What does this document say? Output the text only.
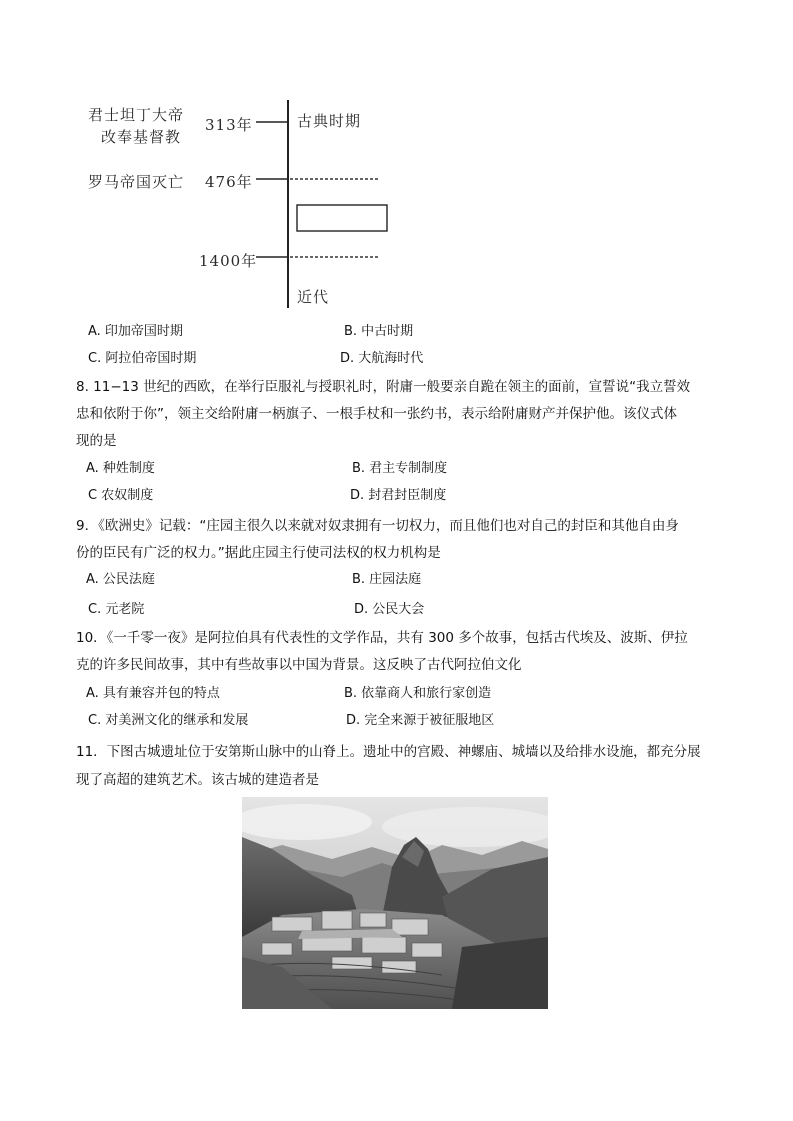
君士坦丁大帝
改奉基督教
313年	古典时期
罗马帝国灭亡 476年
1400年
近代
A. 印加帝国时期	B. 中古时期
C. 阿拉伯帝国时期	D. 大航海时代
8. 11−13 世纪的西欧，在举行臣服礼与授职礼时，附庸一般要亲自跪在领主的面前，宣誓说“我立誓效
忠和依附于你”，领主交给附庸一柄旗子、一根手杖和一张约书，表示给附庸财产并保护他。该仪式体
现的是
A. 种姓制度	B. 君主专制制度
C 农奴制度	D. 封君封臣制度
9．《欧洲史》记载：“庄园主很久以来就对奴隶拥有一切权力，而且他们也对自己的封臣和其他自由身
份的臣民有广泛的权力。”据此庄园主行使司法权的权力机构是
A. 公民法庭	B. 庄园法庭
C. 元老院	D. 公民大会
10．《一千零一夜》是阿拉伯具有代表性的文学作品，共有 300 多个故事，包括古代埃及、波斯、伊拉
克的许多民间故事，其中有些故事以中国为背景。这反映了古代阿拉伯文化
A. 具有兼容并包的特点	B. 依靠商人和旅行家创造
C. 对美洲文化的继承和发展	D. 完全来源于被征服地区
11．下图古城遗址位于安第斯山脉中的山脊上。遗址中的宫殿、神螺庙、城墙以及给排水设施，都充分展
现了高超的建筑艺术。该古城的建造者是
